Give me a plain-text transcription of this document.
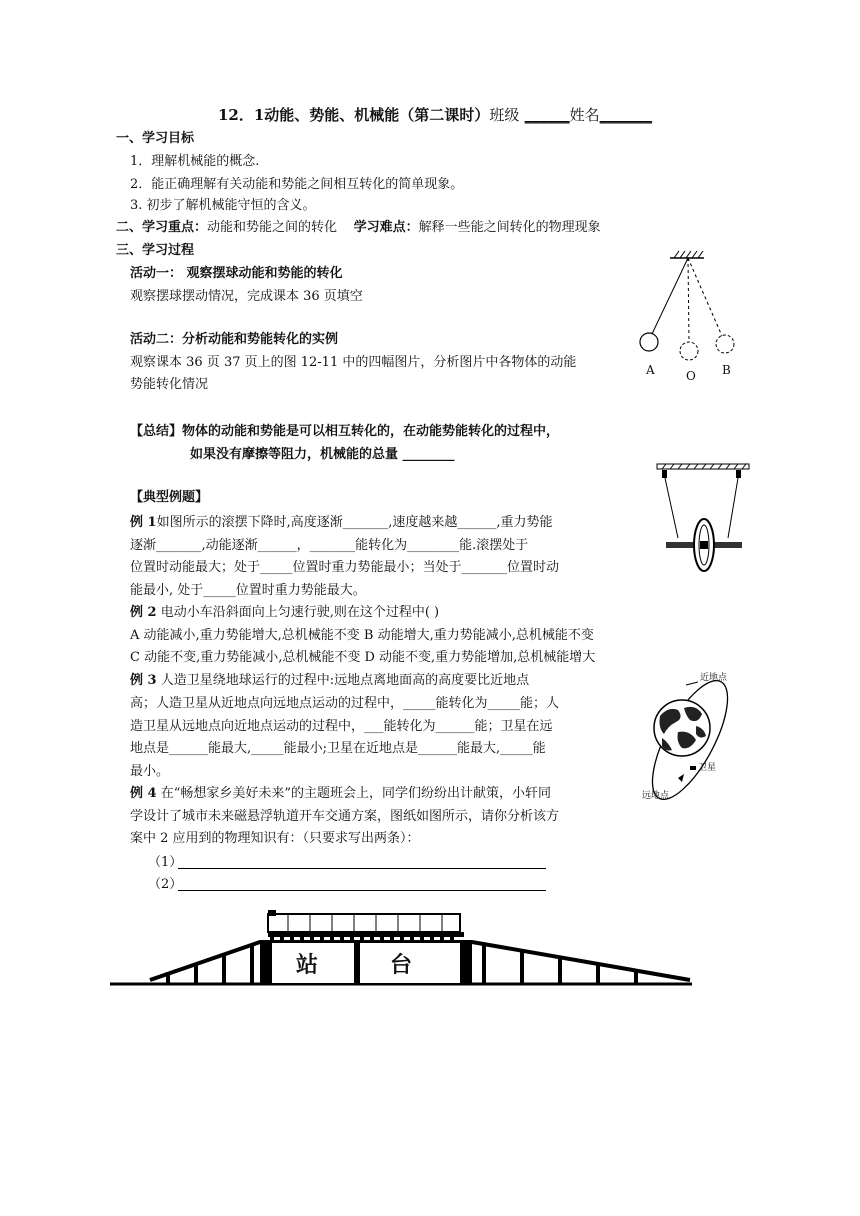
12．1动能、势能、机械能（第二课时）班级 ______姓名_______
一、学习目标
1．理解机械能的概念.
2．能正确理解有关动能和势能之间相互转化的简单现象。
3. 初步了解机械能守恒的含义。
二、学习重点：动能和势能之间的转化 学习难点：解释一些能之间转化的物理现象
三、学习过程
活动一： 观察摆球动能和势能的转化
观察摆球摆动情况，完成课本 36 页填空
活动二：分析动能和势能转化的实例
观察课本 36 页 37 页上的图 12-11 中的四幅图片，分析图片中各物体的动能
势能转化情况
A	O B
【总结】物体的动能和势能是可以相互转化的，在动能势能转化的过程中，
如果没有摩擦等阻力，机械能的总量 ________
【典型例题】
例 1如图所示的滚摆下降时,高度逐渐_______,速度越来越______,重力势能
逐渐_______,动能逐渐______，_______能转化为________能.滚摆处于
位置时动能最大；处于_____位置时重力势能最小；当处于_______位置时动
能最小, 处于_____位置时重力势能最大。
例 2 电动小车沿斜面向上匀速行驶,则在这个过程中( )
A 动能减小,重力势能增大,总机械能不变 B 动能增大,重力势能减小,总机械能不变
C 动能不变,重力势能减小,总机械能不变 D 动能不变,重力势能增加,总机械能增大
例 3 人造卫星绕地球运行的过程中:远地点离地面高的高度要比近地点
高；人造卫星从近地点向远地点运动的过程中，_____能转化为_____能；人
造卫星从远地点向近地点运动的过程中，___能转化为______能；卫星在远
地点是______能最大,_____能最小;卫星在近地点是______能最大,_____能
最小。
近地点
卫星
远地点
例 4 在“畅想家乡美好未来”的主题班会上，同学们纷纷出计献策，小轩同
学设计了城市未来磁悬浮轨道开车交通方案，图纸如图所示，请你分析该方
案中 2 应用到的物理知识有：（只要求写出两条）：
（1）
（2）
站	台
